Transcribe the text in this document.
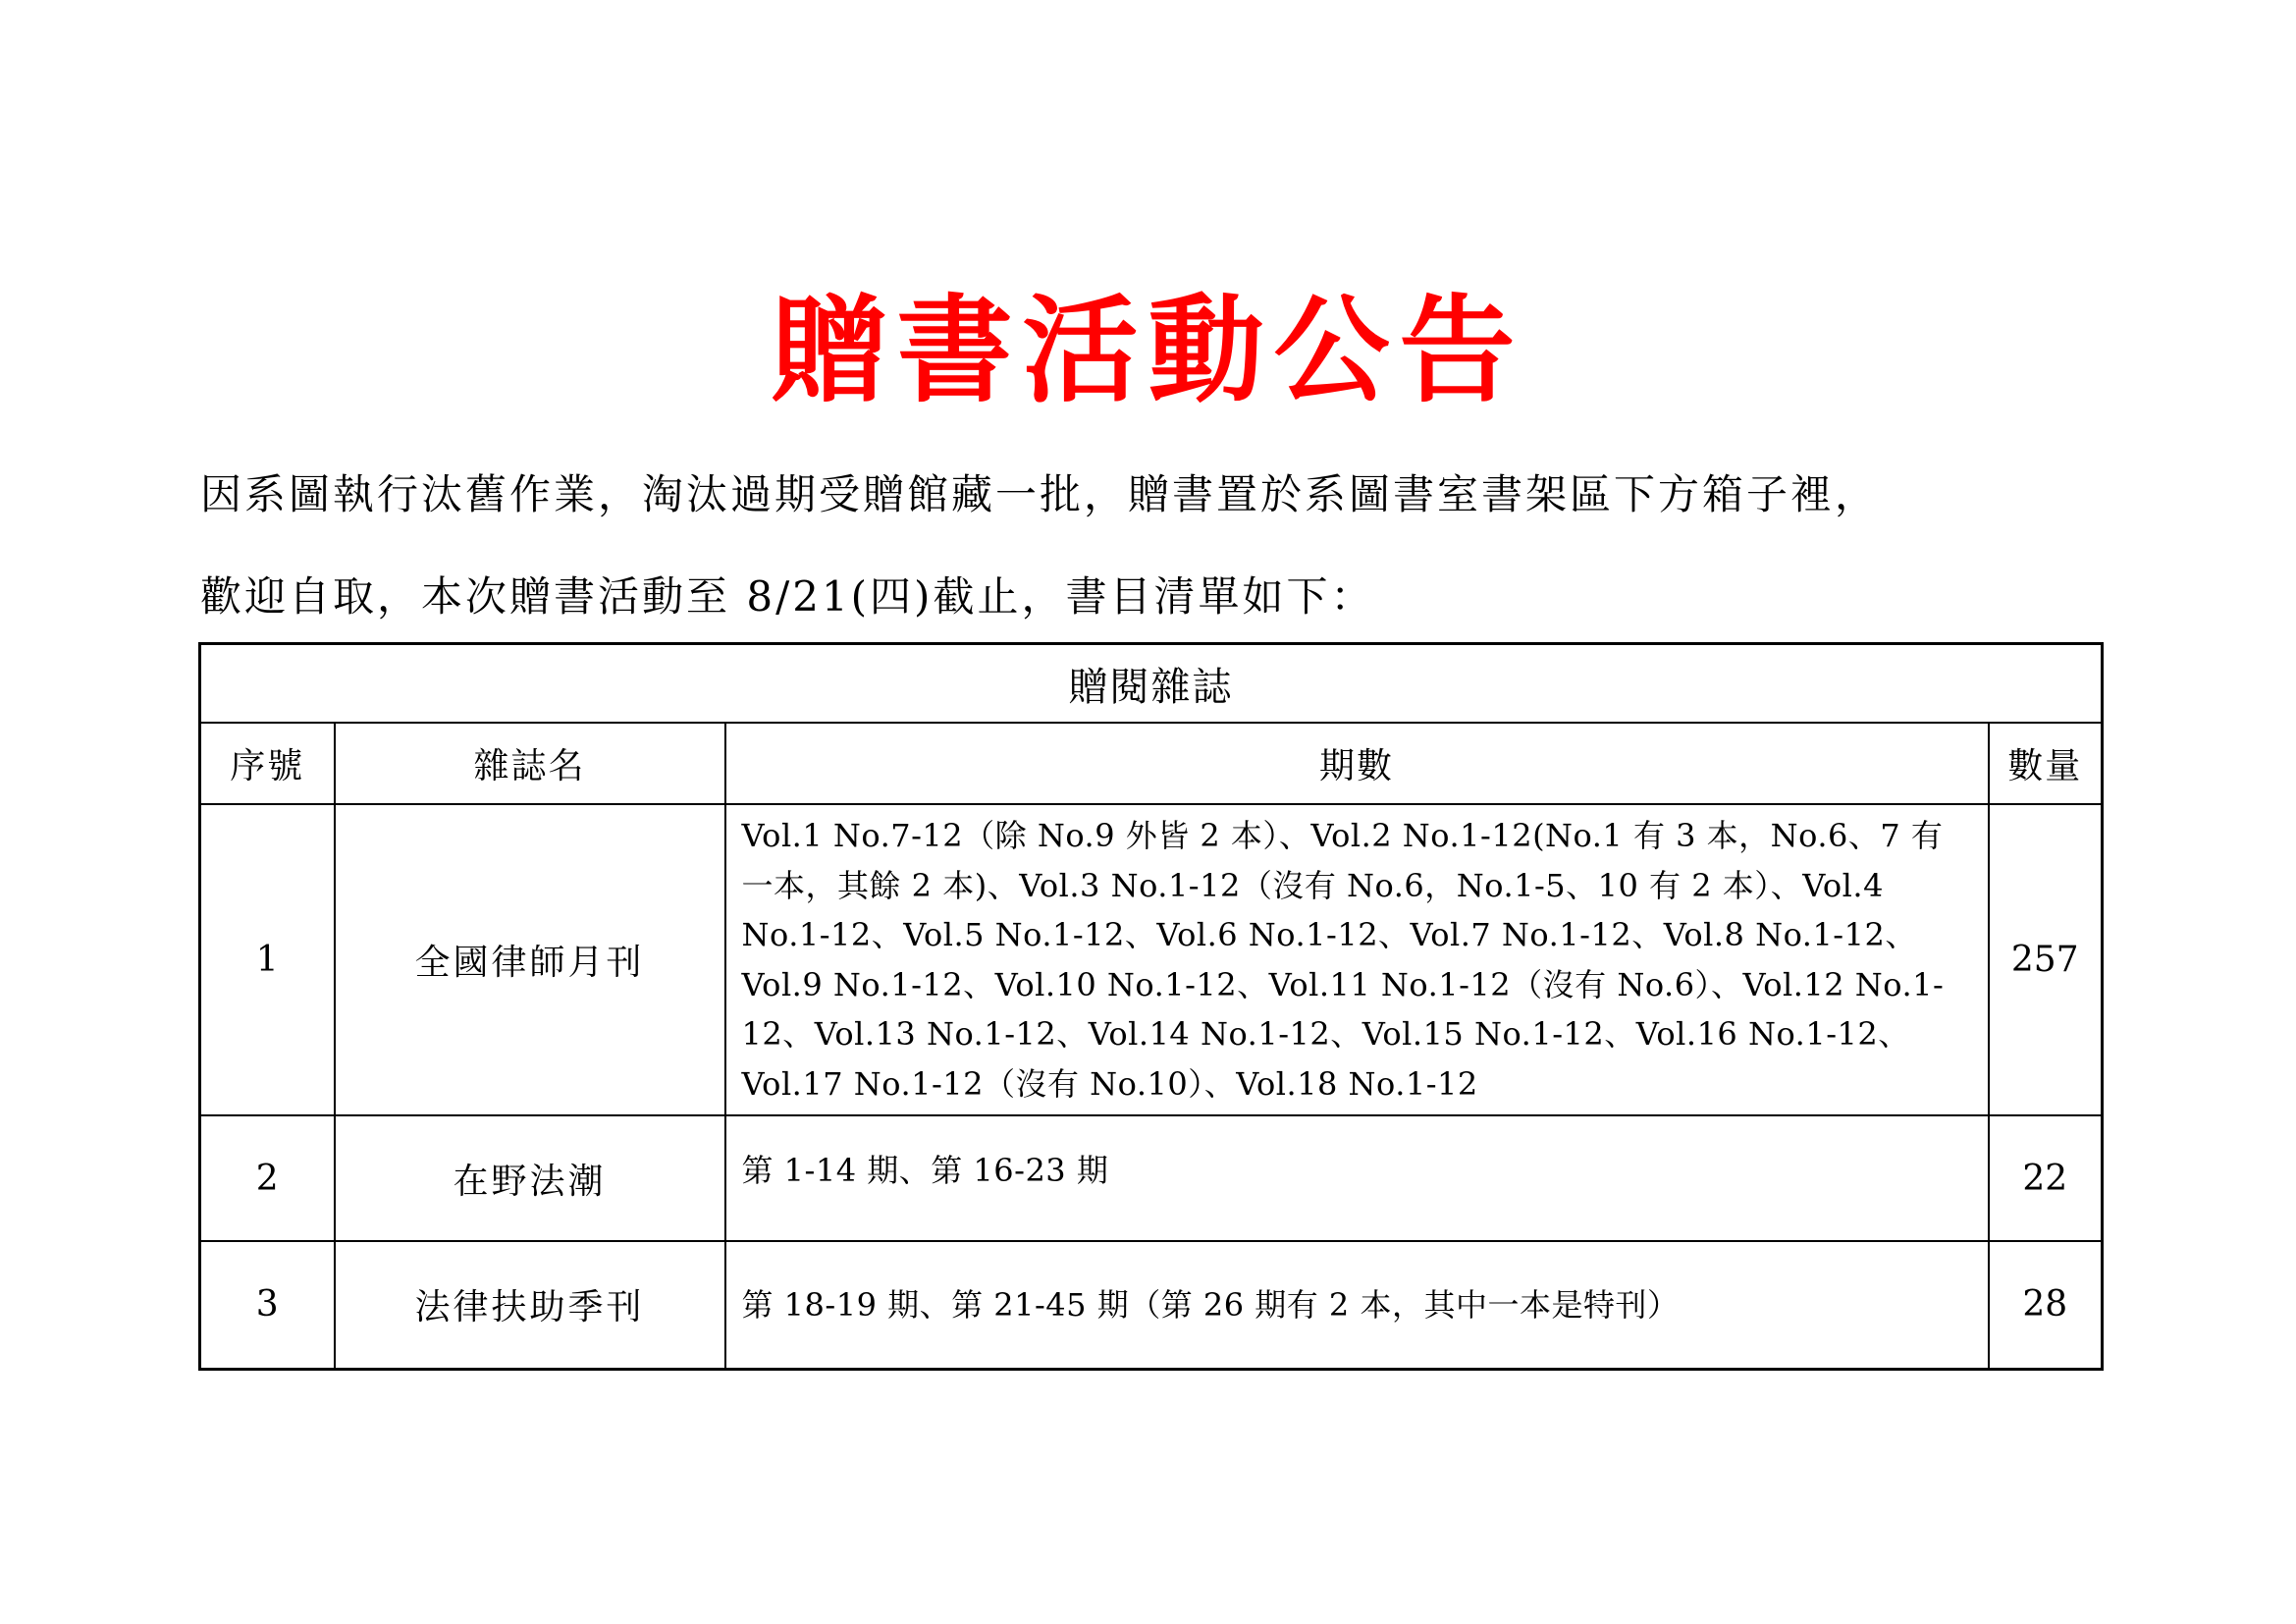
贈書活動公告
因系圖執行汰舊作業，淘汰過期受贈館藏一批，贈書置於系圖書室書架區下方箱子裡，
歡迎自取，本次贈書活動至 8/21(四)截止，書目清單如下：
贈閱雜誌			
序號	雜誌名	期數	數量
1	全國律師月刊	Vol.1 No.7-12（除 No.9 外皆 2 本）、Vol.2 No.1-12(No.1 有 3 本，No.6、7 有一本，其餘 2 本)、Vol.3 No.1-12（沒有 No.6，No.1-5、10 有 2 本）、Vol.4 No.1-12、Vol.5 No.1-12、Vol.6 No.1-12、Vol.7 No.1-12、Vol.8 No.1-12、Vol.9 No.1-12、Vol.10 No.1-12、Vol.11 No.1-12（沒有 No.6）、Vol.12 No.1-12、Vol.13 No.1-12、Vol.14 No.1-12、Vol.15 No.1-12、Vol.16 No.1-12、Vol.17 No.1-12（沒有 No.10）、Vol.18 No.1-12	257
2	在野法潮	第 1-14 期、第 16-23 期	22
3	法律扶助季刊	第 18-19 期、第 21-45 期（第 26 期有 2 本，其中一本是特刊）	28
